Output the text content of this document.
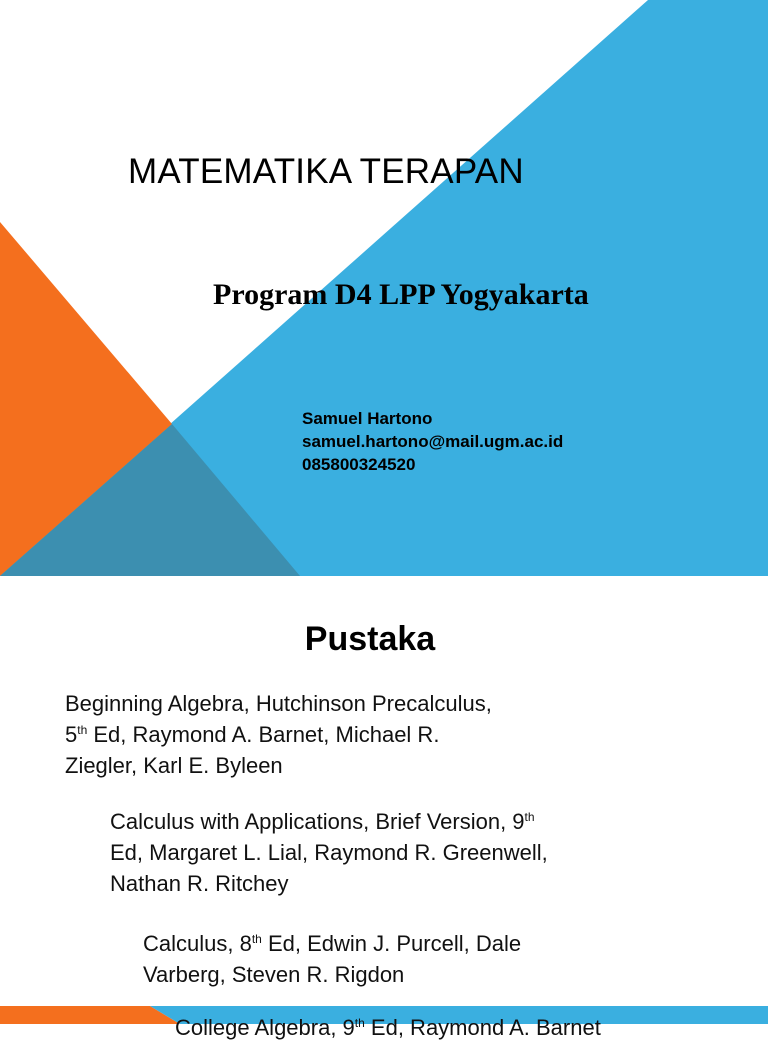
MATEMATIKA TERAPAN
Program D4 LPP Yogyakarta
Samuel Hartono
samuel.hartono@mail.ugm.ac.id
085800324520
Pustaka
Beginning Algebra, Hutchinson Precalculus,
5th Ed, Raymond A. Barnet, Michael R.
Ziegler, Karl E. Byleen
Calculus with Applications, Brief Version, 9th
Ed, Margaret L. Lial, Raymond R. Greenwell,
Nathan R. Ritchey
Calculus, 8th Ed, Edwin J. Purcell, Dale
Varberg, Steven R. Rigdon
College Algebra, 9th Ed, Raymond A. Barnet
